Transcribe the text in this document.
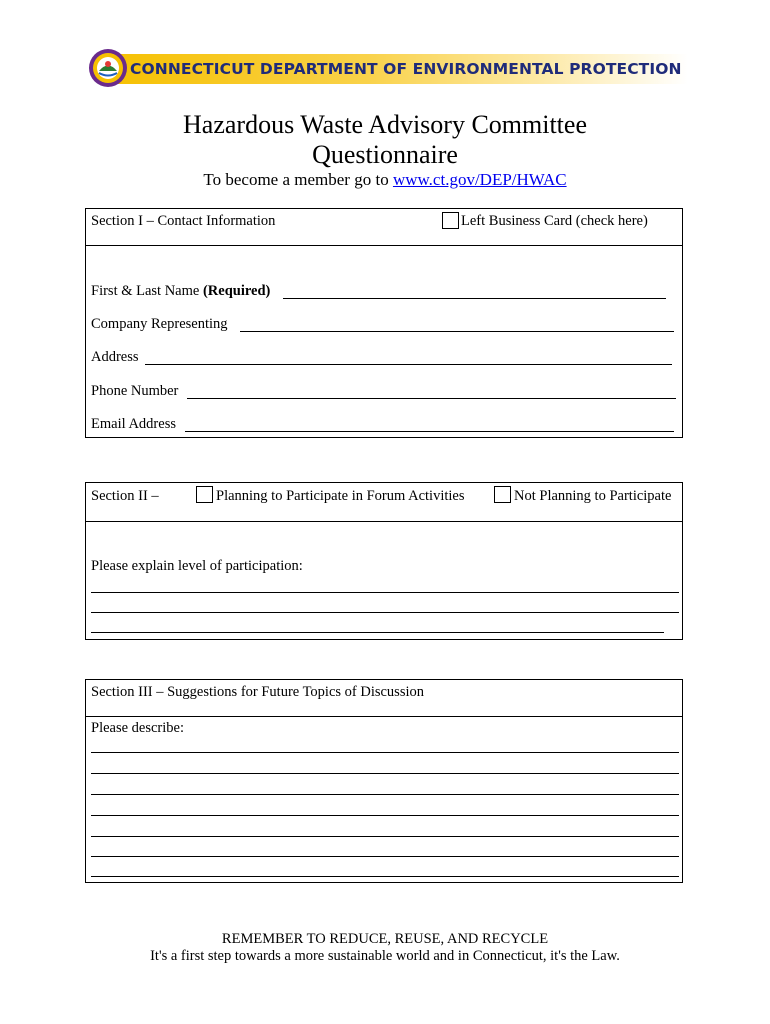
CONNECTICUT DEPARTMENT OF ENVIRONMENTAL PROTECTION
Hazardous Waste Advisory Committee
Questionnaire
To become a member go to www.ct.gov/DEP/HWAC
Section I – Contact Information	Left Business Card (check here)
First & Last Name (Required)
Company Representing
Address
Phone Number
Email Address
Section II –	Planning to Participate in Forum Activities	Not Planning to Participate
Please explain level of participation:
Section III – Suggestions for Future Topics of Discussion
Please describe:
REMEMBER TO REDUCE, REUSE, AND RECYCLE
It's a first step towards a more sustainable world and in Connecticut, it's the Law.
